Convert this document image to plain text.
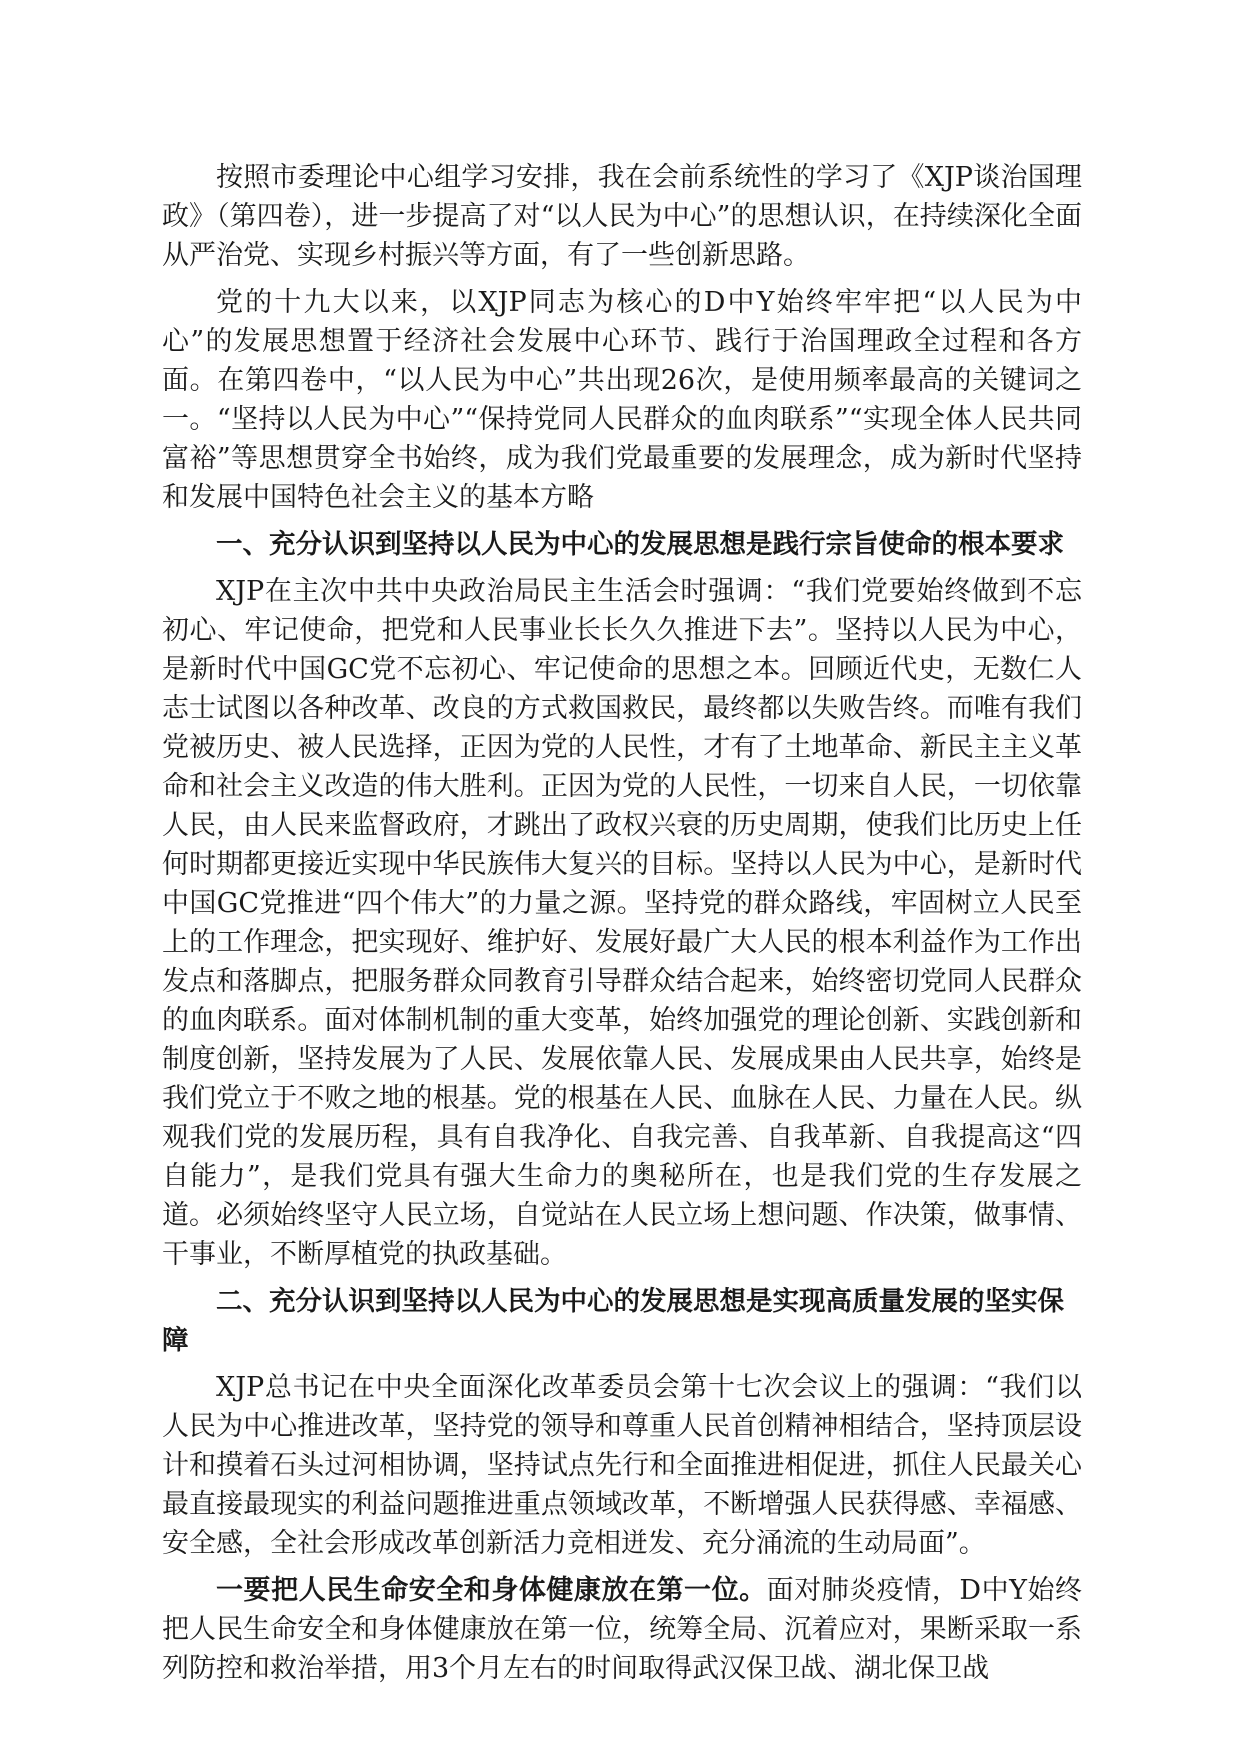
按照市委理论中心组学习安排，我在会前系统性的学习了《XJP谈治国理政》（第四卷），进一步提高了对“以人民为中心”的思想认识，在持续深化全面从严治党、实现乡村振兴等方面，有了一些创新思路。

党的十九大以来，以XJP同志为核心的D中Y始终牢牢把“以人民为中心”的发展思想置于经济社会发展中心环节、践行于治国理政全过程和各方面。在第四卷中，“以人民为中心”共出现26次，是使用频率最高的关键词之一。“坚持以人民为中心”“保持党同人民群众的血肉联系”“实现全体人民共同富裕”等思想贯穿全书始终，成为我们党最重要的发展理念，成为新时代坚持和发展中国特色社会主义的基本方略

一、充分认识到坚持以人民为中心的发展思想是践行宗旨使命的根本要求

XJP在主次中共中央政治局民主生活会时强调：“我们党要始终做到不忘初心、牢记使命，把党和人民事业长长久久推进下去”。坚持以人民为中心，是新时代中国GC党不忘初心、牢记使命的思想之本。回顾近代史，无数仁人志士试图以各种改革、改良的方式救国救民，最终都以失败告终。而唯有我们党被历史、被人民选择，正因为党的人民性，才有了土地革命、新民主主义革命和社会主义改造的伟大胜利。正因为党的人民性，一切来自人民，一切依靠人民，由人民来监督政府，才跳出了政权兴衰的历史周期，使我们比历史上任何时期都更接近实现中华民族伟大复兴的目标。坚持以人民为中心，是新时代中国GC党推进“四个伟大”的力量之源。坚持党的群众路线，牢固树立人民至上的工作理念，把实现好、维护好、发展好最广大人民的根本利益作为工作出发点和落脚点，把服务群众同教育引导群众结合起来，始终密切党同人民群众的血肉联系。面对体制机制的重大变革，始终加强党的理论创新、实践创新和制度创新，坚持发展为了人民、发展依靠人民、发展成果由人民共享，始终是我们党立于不败之地的根基。党的根基在人民、血脉在人民、力量在人民。纵观我们党的发展历程，具有自我净化、自我完善、自我革新、自我提高这“四自能力”，是我们党具有强大生命力的奥秘所在，也是我们党的生存发展之道。必须始终坚守人民立场，自觉站在人民立场上想问题、作决策，做事情、干事业，不断厚植党的执政基础。

二、充分认识到坚持以人民为中心的发展思想是实现高质量发展的坚实保障

XJP总书记在中央全面深化改革委员会第十七次会议上的强调：“我们以人民为中心推进改革，坚持党的领导和尊重人民首创精神相结合，坚持顶层设计和摸着石头过河相协调，坚持试点先行和全面推进相促进，抓住人民最关心最直接最现实的利益问题推进重点领域改革，不断增强人民获得感、幸福感、安全感，全社会形成改革创新活力竞相迸发、充分涌流的生动局面”。

一要把人民生命安全和身体健康放在第一位。面对肺炎疫情，D中Y始终把人民生命安全和身体健康放在第一位，统筹全局、沉着应对，果断采取一系列防控和救治举措，用3个月左右的时间取得武汉保卫战、湖北保卫战
